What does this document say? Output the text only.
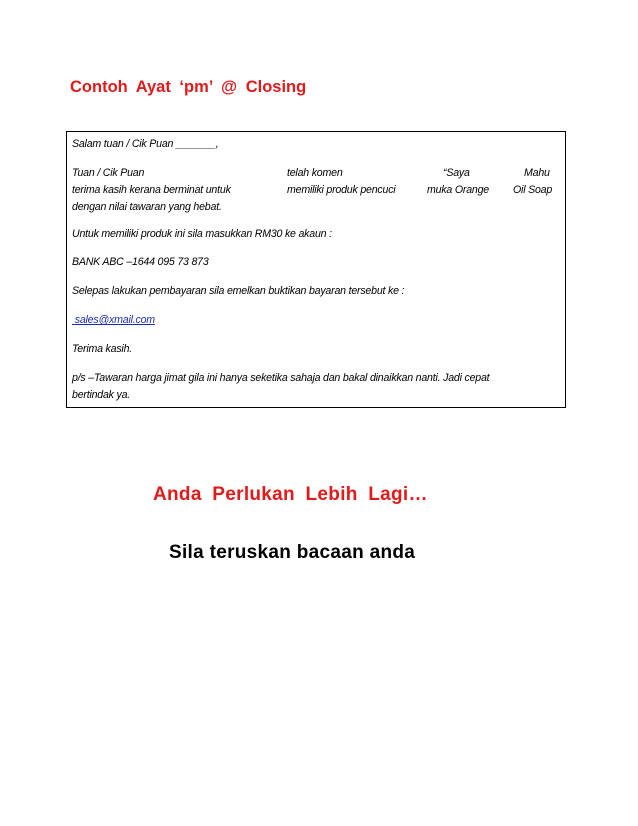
Contoh Ayat ‘pm’ @ Closing
Salam tuan / Cik Puan _______,
Tuan / Cik Puan
terima kasih kerana berminat untuk
telah komen
memiliki produk pencuci
“Saya
muka Orange
Mahu
Oil Soap
dengan nilai tawaran yang hebat.
Untuk memiliki produk ini sila masukkan RM30 ke akaun :
BANK ABC –1644 095 73 873
Selepas lakukan pembayaran sila emelkan buktikan bayaran tersebut ke :
sales@xmail.com
Terima kasih.
p/s –Tawaran harga jimat gila ini hanya seketika sahaja dan bakal dinaikkan nanti. Jadi cepat
bertindak ya.
Anda Perlukan Lebih Lagi…
Sila teruskan bacaan anda
